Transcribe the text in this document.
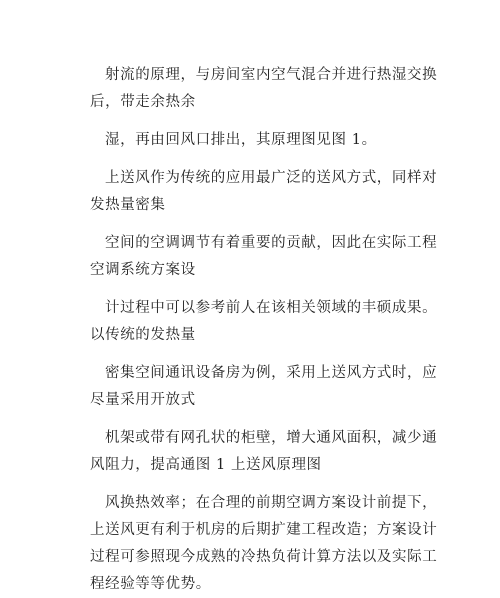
射流的原理，与房间室内空气混合并进行热湿交换后，带走余热余

湿，再由回风口排出，其原理图见图 1。

上送风作为传统的应用最广泛的送风方式，同样对发热量密集

空间的空调调节有着重要的贡献，因此在实际工程空调系统方案设

计过程中可以参考前人在该相关领域的丰硕成果。以传统的发热量

密集空间通讯设备房为例，采用上送风方式时，应尽量采用开放式

机架或带有网孔状的柜壁，增大通风面积，减少通风阻力，提高通图 1 上送风原理图

风换热效率；在合理的前期空调方案设计前提下，上送风更有利于机房的后期扩建工程改造；方案设计过程可参照现今成熟的冷热负荷计算方法以及实际工程经验等等优势。
